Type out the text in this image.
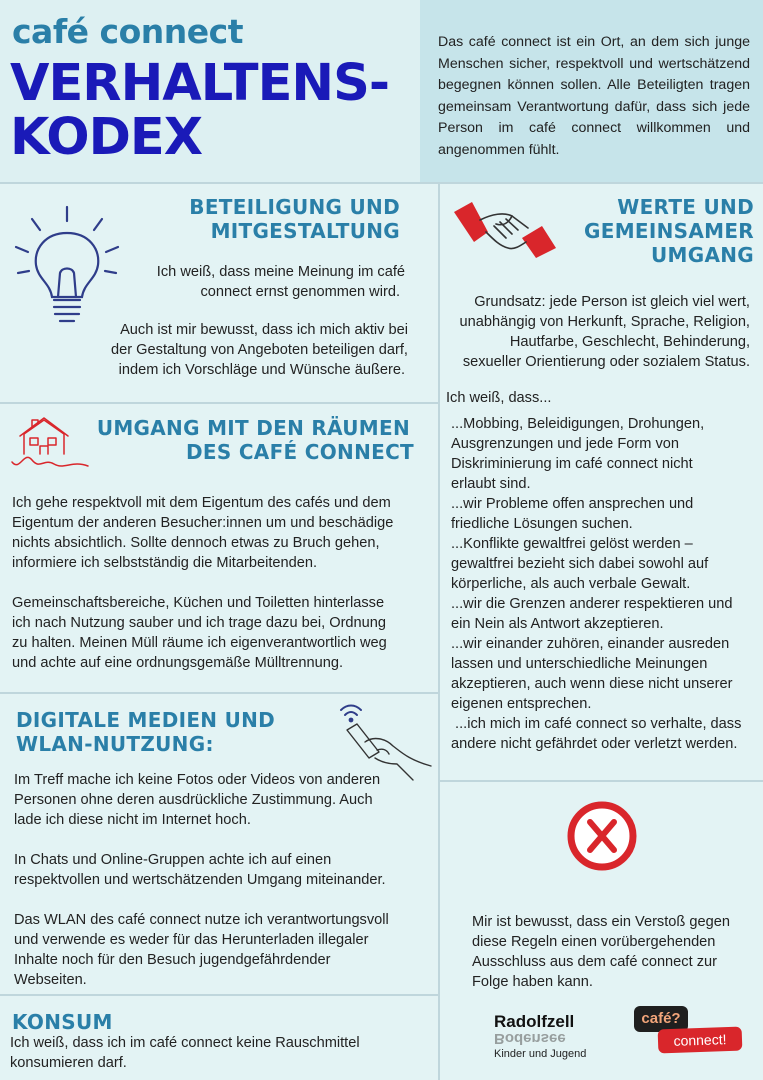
café connect
VERHALTENS-
KODEX
Das café connect ist ein Ort, an dem sich junge Menschen sicher, respektvoll und wertschätzend begegnen können sollen. Alle Beteiligten tragen gemeinsam Verantwortung dafür, dass sich jede Person im café connect willkommen und angenommen fühlt.
BETEILIGUNG UND
MITGESTALTUNG
Ich weiß, dass meine Meinung im café
connect ernst genommen wird.
Auch ist mir bewusst, dass ich mich aktiv bei
der Gestaltung von Angeboten beteiligen darf,
indem ich Vorschläge und Wünsche äußere.
WERTE UND
GEMEINSAMER
UMGANG
Grundsatz: jede Person ist gleich viel wert,
unabhängig von Herkunft, Sprache, Religion,
Hautfarbe, Geschlecht, Behinderung,
sexueller Orientierung oder sozialem Status.
Ich weiß, dass...
...Mobbing, Beleidigungen, Drohungen,
Ausgrenzungen und jede Form von
Diskriminierung im café connect nicht
erlaubt sind.
...wir Probleme offen ansprechen und
friedliche Lösungen suchen.
...Konflikte gewaltfrei gelöst werden –
gewaltfrei bezieht sich dabei sowohl auf
körperliche, als auch verbale Gewalt.
...wir die Grenzen anderer respektieren und
ein Nein als Antwort akzeptieren.
...wir einander zuhören, einander ausreden
lassen und unterschiedliche Meinungen
akzeptieren, auch wenn diese nicht unserer
eigenen entsprechen.
...ich mich im café connect so verhalte, dass
andere nicht gefährdet oder verletzt werden.
UMGANG MIT DEN RÄUMEN
DES CAFÉ CONNECT
Ich gehe respektvoll mit dem Eigentum des cafés und dem
Eigentum der anderen Besucher:innen um und beschädige
nichts absichtlich. Sollte dennoch etwas zu Bruch gehen,
informiere ich selbstständig die Mitarbeitenden.
Gemeinschaftsbereiche, Küchen und Toiletten hinterlasse
ich nach Nutzung sauber und ich trage dazu bei, Ordnung
zu halten. Meinen Müll räume ich eigenverantwortlich weg
und achte auf eine ordnungsgemäße Mülltrennung.
DIGITALE MEDIEN UND
WLAN-NUTZUNG:
Im Treff mache ich keine Fotos oder Videos von anderen
Personen ohne deren ausdrückliche Zustimmung. Auch
lade ich diese nicht im Internet hoch.
In Chats und Online-Gruppen achte ich auf einen
respektvollen und wertschätzenden Umgang miteinander.
Das WLAN des café connect nutze ich verantwortungsvoll
und verwende es weder für das Herunterladen illegaler
Inhalte noch für den Besuch jugendgefährdender
Webseiten.
KONSUM
Ich weiß, dass ich im café connect keine Rauschmittel
konsumieren darf.
Mir ist bewusst, dass ein Verstoß gegen
diese Regeln einen vorübergehenden
Ausschluss aus dem café connect zur
Folge haben kann.
Radolfzell
Bodensee
Kinder und Jugend
café?
connect!
